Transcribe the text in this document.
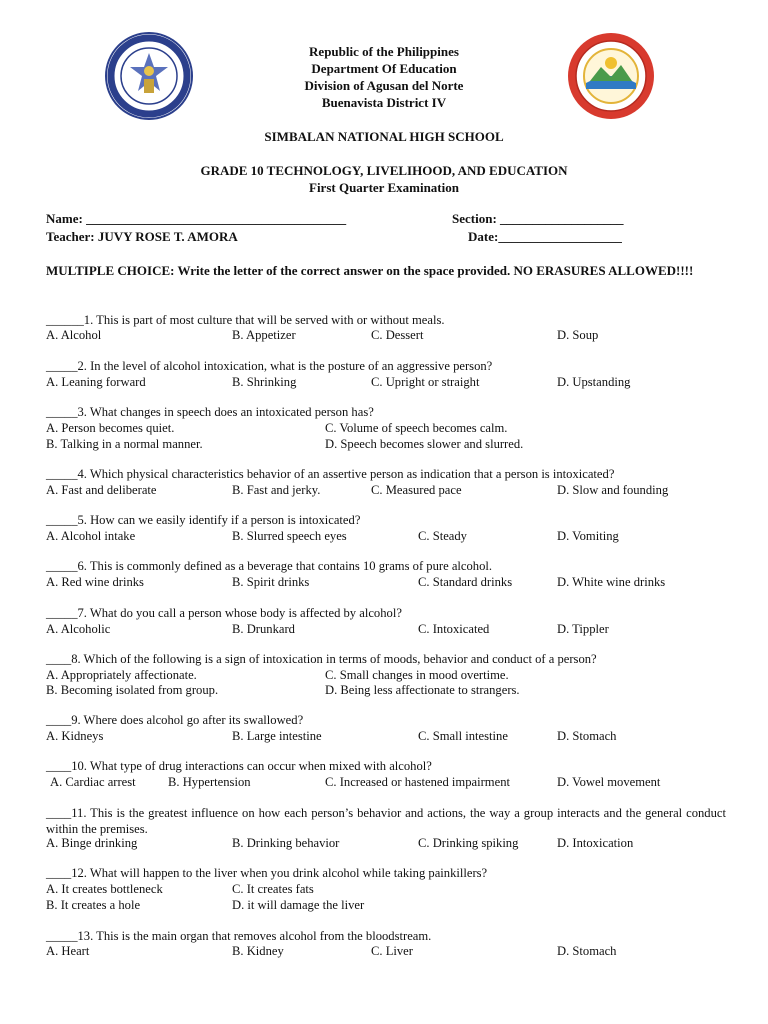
Republic of the Philippines
Department Of Education
Division of Agusan del Norte
Buenavista District IV
SIMBALAN NATIONAL HIGH SCHOOL
GRADE 10 TECHNOLOGY, LIVELIHOOD, AND EDUCATION
First Quarter Examination
Name: ________________________________________	Section: ___________________
Teacher: JUVY ROSE T. AMORA	Date:___________________
MULTIPLE CHOICE: Write the letter of the correct answer on the space provided. NO ERASURES ALLOWED!!!!
______1. This is part of most culture that will be served with or without meals.
A. Alcohol	B. Appetizer	C. Dessert	D. Soup
_____2. In the level of alcohol intoxication, what is the posture of an aggressive person?
A. Leaning forward	B. Shrinking	C. Upright or straight	D. Upstanding
_____3. What changes in speech does an intoxicated person has?
A. Person becomes quiet.	C. Volume of speech becomes calm.
B. Talking in a normal manner.	D. Speech becomes slower and slurred.
_____4. Which physical characteristics behavior of an assertive person as indication that a person is intoxicated?
A. Fast and deliberate	B. Fast and jerky.	C. Measured pace	D. Slow and founding
_____5. How can we easily identify if a person is intoxicated?
A. Alcohol intake	B. Slurred speech eyes	C. Steady	D. Vomiting
_____6. This is commonly defined as a beverage that contains 10 grams of pure alcohol.
A. Red wine drinks	B. Spirit drinks	C. Standard drinks	D. White wine drinks
_____7. What do you call a person whose body is affected by alcohol?
A. Alcoholic	B. Drunkard	C. Intoxicated	D. Tippler
____8. Which of the following is a sign of intoxication in terms of moods, behavior and conduct of a person?
A. Appropriately affectionate.	C. Small changes in mood overtime.
B. Becoming isolated from group.	D. Being less affectionate to strangers.
____9. Where does alcohol go after its swallowed?
A. Kidneys	B. Large intestine	C. Small intestine	D. Stomach
____10. What type of drug interactions can occur when mixed with alcohol?
A. Cardiac arrest	B. Hypertension	C. Increased or hastened impairment	D. Vowel movement
____11. This is the greatest influence on how each person’s behavior and actions, the way a group interacts and the general conduct within the premises.
A. Binge drinking	B. Drinking behavior	C. Drinking spiking	D. Intoxication
____12. What will happen to the liver when you drink alcohol while taking painkillers?
A. It creates bottleneck	C. It creates fats
B. It creates a hole	D. it will damage the liver
_____13. This is the main organ that removes alcohol from the bloodstream.
A. Heart	B. Kidney	C. Liver	D. Stomach
